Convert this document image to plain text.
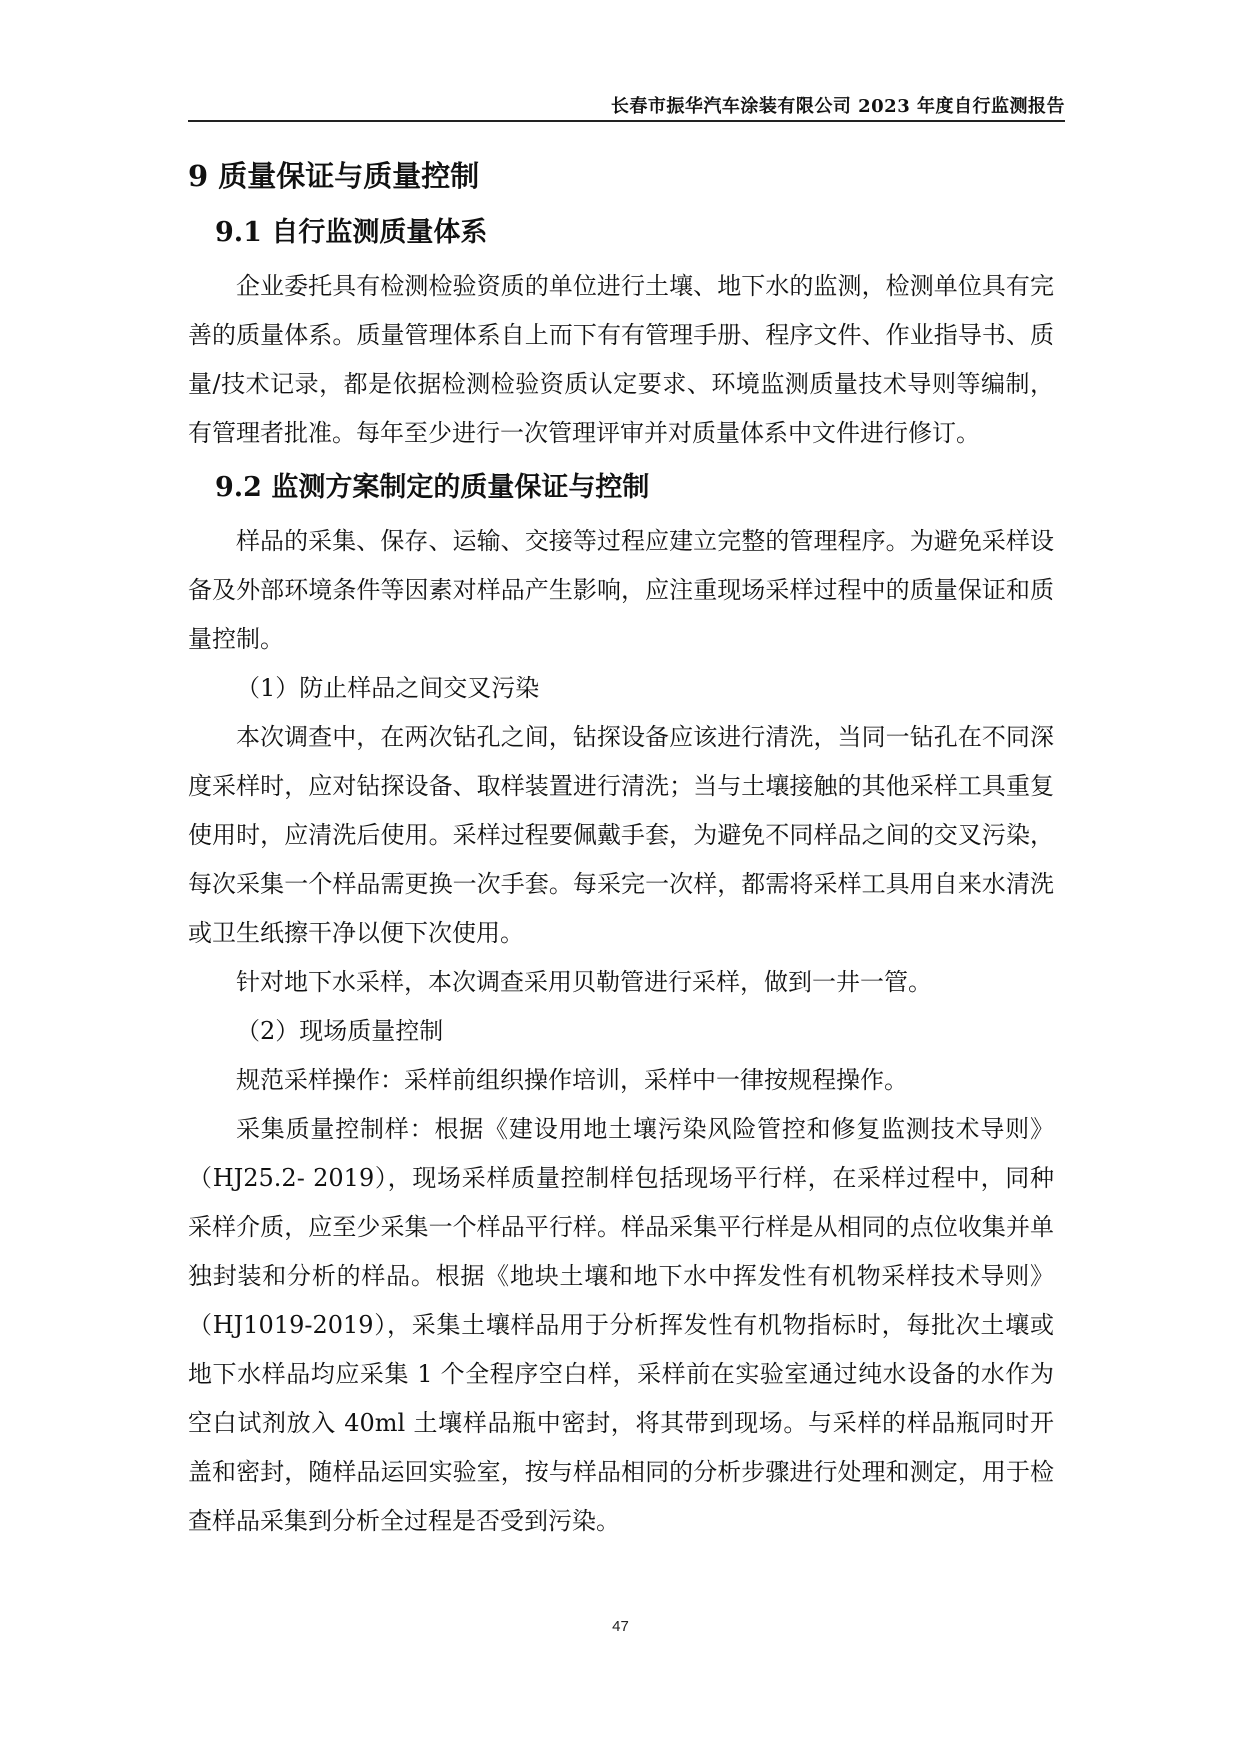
长春市振华汽车涂装有限公司 2023 年度自行监测报告
9 质量保证与质量控制
9.1 自行监测质量体系

企业委托具有检测检验资质的单位进行土壤、地下水的监测，检测单位具有完善的质量体系。质量管理体系自上而下有有管理手册、程序文件、作业指导书、质量/技术记录，都是依据检测检验资质认定要求、环境监测质量技术导则等编制，有管理者批准。每年至少进行一次管理评审并对质量体系中文件进行修订。

9.2 监测方案制定的质量保证与控制

样品的采集、保存、运输、交接等过程应建立完整的管理程序。为避免采样设备及外部环境条件等因素对样品产生影响，应注重现场采样过程中的质量保证和质量控制。

（1）防止样品之间交叉污染

本次调查中，在两次钻孔之间，钻探设备应该进行清洗，当同一钻孔在不同深度采样时，应对钻探设备、取样装置进行清洗；当与土壤接触的其他采样工具重复使用时，应清洗后使用。采样过程要佩戴手套，为避免不同样品之间的交叉污染，每次采集一个样品需更换一次手套。每采完一次样，都需将采样工具用自来水清洗或卫生纸擦干净以便下次使用。

针对地下水采样，本次调查采用贝勒管进行采样，做到一井一管。

（2）现场质量控制

规范采样操作：采样前组织操作培训，采样中一律按规程操作。

采集质量控制样：根据《建设用地土壤污染风险管控和修复监测技术导则》（HJ25.2- 2019），现场采样质量控制样包括现场平行样，在采样过程中，同种采样介质，应至少采集一个样品平行样。样品采集平行样是从相同的点位收集并单独封装和分析的样品。根据《地块土壤和地下水中挥发性有机物采样技术导则》（HJ1019-2019），采集土壤样品用于分析挥发性有机物指标时，每批次土壤或地下水样品均应采集 1 个全程序空白样，采样前在实验室通过纯水设备的水作为空白试剂放入 40ml 土壤样品瓶中密封，将其带到现场。与采样的样品瓶同时开盖和密封，随样品运回实验室，按与样品相同的分析步骤进行处理和测定，用于检查样品采集到分析全过程是否受到污染。

47
